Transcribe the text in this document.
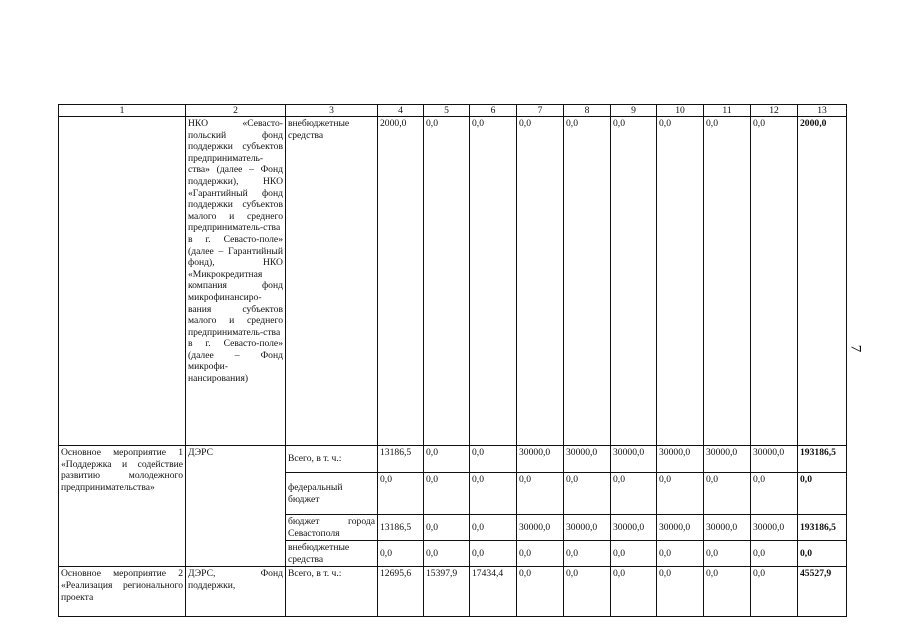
1	2	3	4	5	6	7	8	9	10	11	12	13
	НКО «Севасто-польский фонд поддержки субъектов предприниматель-ства» (далее – Фонд поддержки), НКО «Гарантийный фонд поддержки субъектов малого и среднего предприниматель-ства в г. Севасто-поле» (далее – Гарантийный фонд), НКО «Микрокредитная компания фонд микрофинансиро-вания субъектов малого и среднего предприниматель-ства в г. Севасто-поле» (далее – Фонд микрофи-нансирования)	внебюджетные средства	2000,0	0,0	0,0	0,0	0,0	0,0	0,0	0,0	0,0	2000,0
Основное мероприятие 1 «Поддержка и содействие развитию молодежного предпринимательства»	ДЭРС	Всего, в т. ч.:	13186,5	0,0	0,0	30000,0	30000,0	30000,0	30000,0	30000,0	30000,0	193186,5
		федеральный бюджет	0,0	0,0	0,0	0,0	0,0	0,0	0,0	0,0	0,0	0,0
		бюджет города Севастополя	13186,5	0,0	0,0	30000,0	30000,0	30000,0	30000,0	30000,0	30000,0	193186,5
		внебюджетные средства	0,0	0,0	0,0	0,0	0,0	0,0	0,0	0,0	0,0	0,0
Основное мероприятие 2 «Реализация регионального проекта	ДЭРС, Фонд поддержки,	Всего, в т. ч.:	12695,6	15397,9	17434,4	0,0	0,0	0,0	0,0	0,0	0,0	45527,9
7
